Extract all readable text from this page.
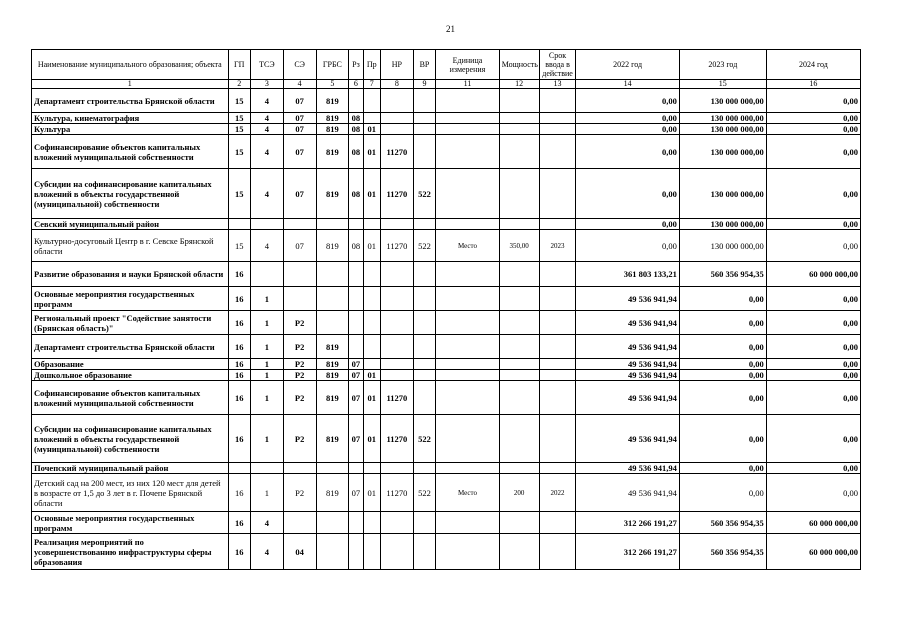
21
Наименование муниципального образования; объекта	ГП	ТСЭ	СЭ	ГРБС	Рз	Пр	НР	ВР	Единица измерения	Мощность	Срок ввода в действие	2022 год	2023 год	2024 год
1	2	3	4	5	6	7	8	9	11	12	13	14	15	16
Департамент строительства Брянской области	15	4	07	819								0,00	130 000 000,00	0,00
Культура, кинематография	15	4	07	819	08							0,00	130 000 000,00	0,00
Культура	15	4	07	819	08	01						0,00	130 000 000,00	0,00
Софинансирование объектов капитальных вложений муниципальной собственности	15	4	07	819	08	01	11270					0,00	130 000 000,00	0,00
Субсидии на софинансирование капитальных вложений в объекты государственной (муниципальной) собственности	15	4	07	819	08	01	11270	522				0,00	130 000 000,00	0,00
Севский муниципальный район												0,00	130 000 000,00	0,00
Культурно-досуговый Центр в г. Севске Брянской области	15	4	07	819	08	01	11270	522	Место	350,00	2023	0,00	130 000 000,00	0,00
Развитие образования и науки Брянской области	16											361 803 133,21	560 356 954,35	60 000 000,00
Основные мероприятия государственных программ	16	1										49 536 941,94	0,00	0,00
Региональный проект "Содействие занятости (Брянская область)"	16	1	Р2									49 536 941,94	0,00	0,00
Департамент строительства Брянской области	16	1	Р2	819								49 536 941,94	0,00	0,00
Образование	16	1	Р2	819	07							49 536 941,94	0,00	0,00
Дошкольное образование	16	1	Р2	819	07	01						49 536 941,94	0,00	0,00
Софинансирование объектов капитальных вложений муниципальной собственности	16	1	Р2	819	07	01	11270					49 536 941,94	0,00	0,00
Субсидии на софинансирование капитальных вложений в объекты государственной (муниципальной) собственности	16	1	Р2	819	07	01	11270	522				49 536 941,94	0,00	0,00
Почепский муниципальный район												49 536 941,94	0,00	0,00
Детский сад на 200 мест, из них 120 мест для детей в возрасте от 1,5 до 3 лет в г. Почепе Брянской области	16	1	Р2	819	07	01	11270	522	Место	200	2022	49 536 941,94	0,00	0,00
Основные мероприятия государственных программ	16	4										312 266 191,27	560 356 954,35	60 000 000,00
Реализация мероприятий по усовершенствованию инфраструктуры сферы образования	16	4	04									312 266 191,27	560 356 954,35	60 000 000,00
